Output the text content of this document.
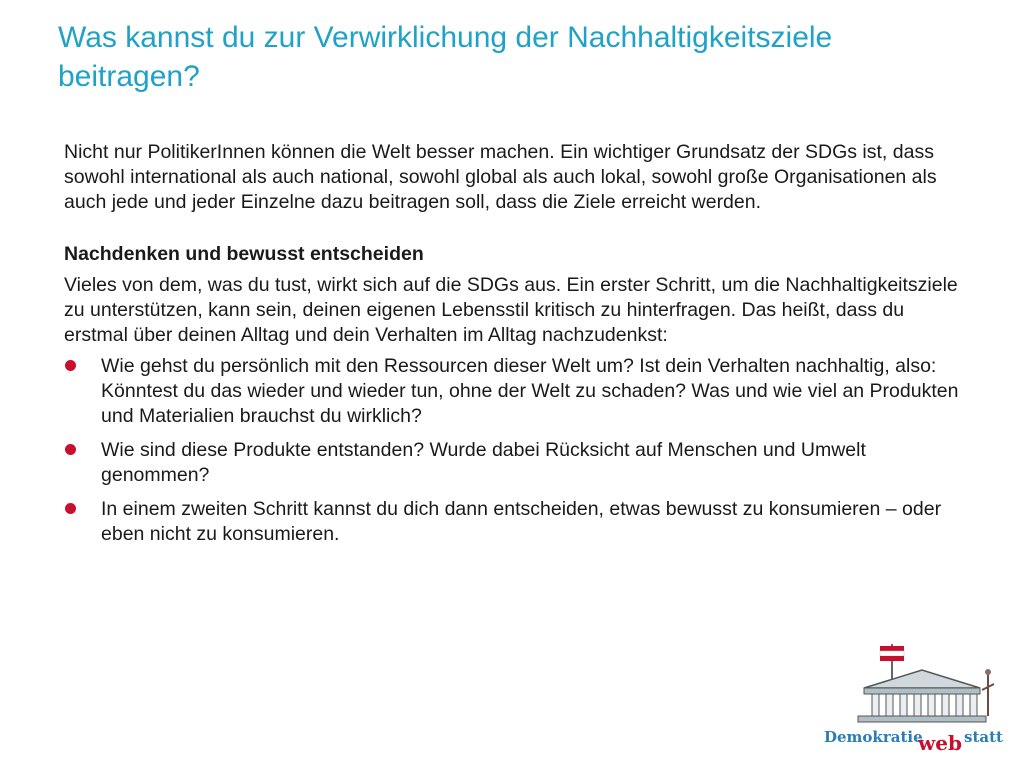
Was kannst du zur Verwirklichung der Nachhaltigkeitsziele beitragen?

Nicht nur PolitikerInnen können die Welt besser machen. Ein wichtiger Grundsatz der SDGs ist, dass sowohl international als auch national, sowohl global als auch lokal, sowohl große Organisationen als auch jede und jeder Einzelne dazu beitragen soll, dass die Ziele erreicht werden.

Nachdenken und bewusst entscheiden

Vieles von dem, was du tust, wirkt sich auf die SDGs aus. Ein erster Schritt, um die Nachhaltigkeitsziele zu unterstützen, kann sein, deinen eigenen Lebensstil kritisch zu hinterfragen. Das heißt, dass du erstmal über deinen Alltag und dein Verhalten im Alltag nachzudenkst:

Wie gehst du persönlich mit den Ressourcen dieser Welt um? Ist dein Verhalten nachhaltig, also: Könntest du das wieder und wieder tun, ohne der Welt zu schaden? Was und wie viel an Produkten und Materialien brauchst du wirklich?
Wie sind diese Produkte entstanden? Wurde dabei Rücksicht auf Menschen und Umwelt genommen?
In einem zweiten Schritt kannst du dich dann entscheiden, etwas bewusst zu konsumieren – oder eben nicht zu konsumieren.
Demokratie
web statt
